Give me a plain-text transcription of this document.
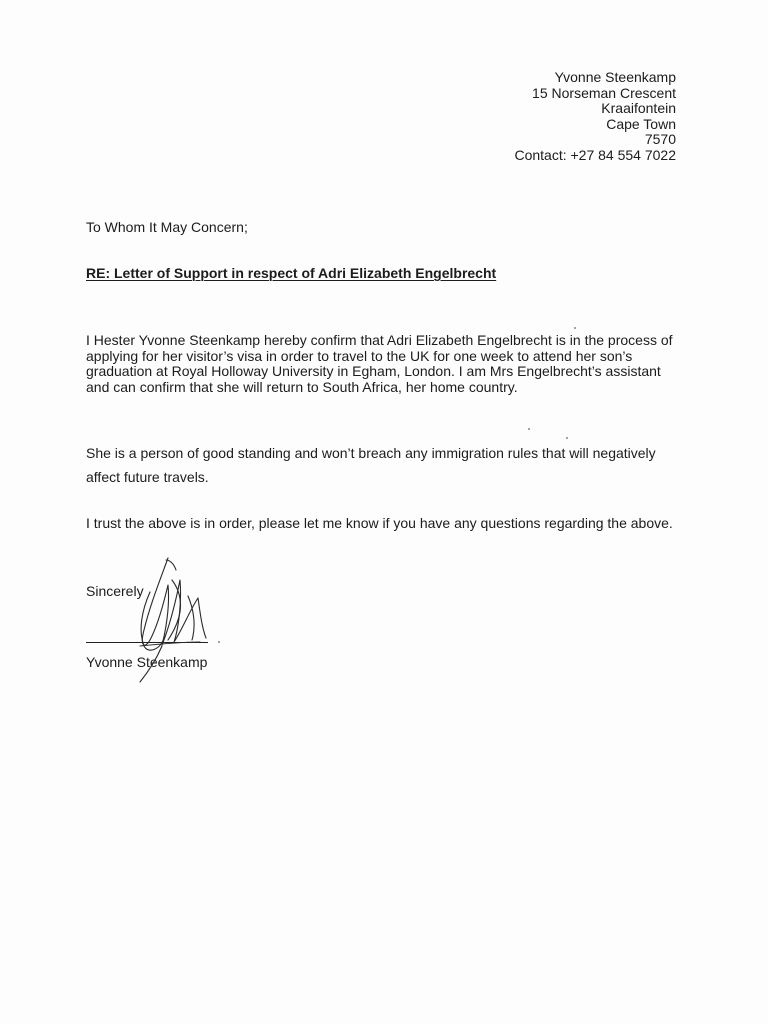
Yvonne Steenkamp
15 Norseman Crescent
Kraaifontein
Cape Town
7570
Contact: +27 84 554 7022
To Whom It May Concern;
RE: Letter of Support in respect of Adri Elizabeth Engelbrecht
I Hester Yvonne Steenkamp hereby confirm that Adri Elizabeth Engelbrecht is in the process of applying for her visitor’s visa in order to travel to the UK for one week to attend her son’s graduation at Royal Holloway University in Egham, London. I am Mrs Engelbrecht’s assistant and can confirm that she will return to South Africa, her home country.
She is a person of good standing and won’t breach any immigration rules that will negatively affect future travels.
I trust the above is in order, please let me know if you have any questions regarding the above.
Sincerely
Yvonne Steenkamp
